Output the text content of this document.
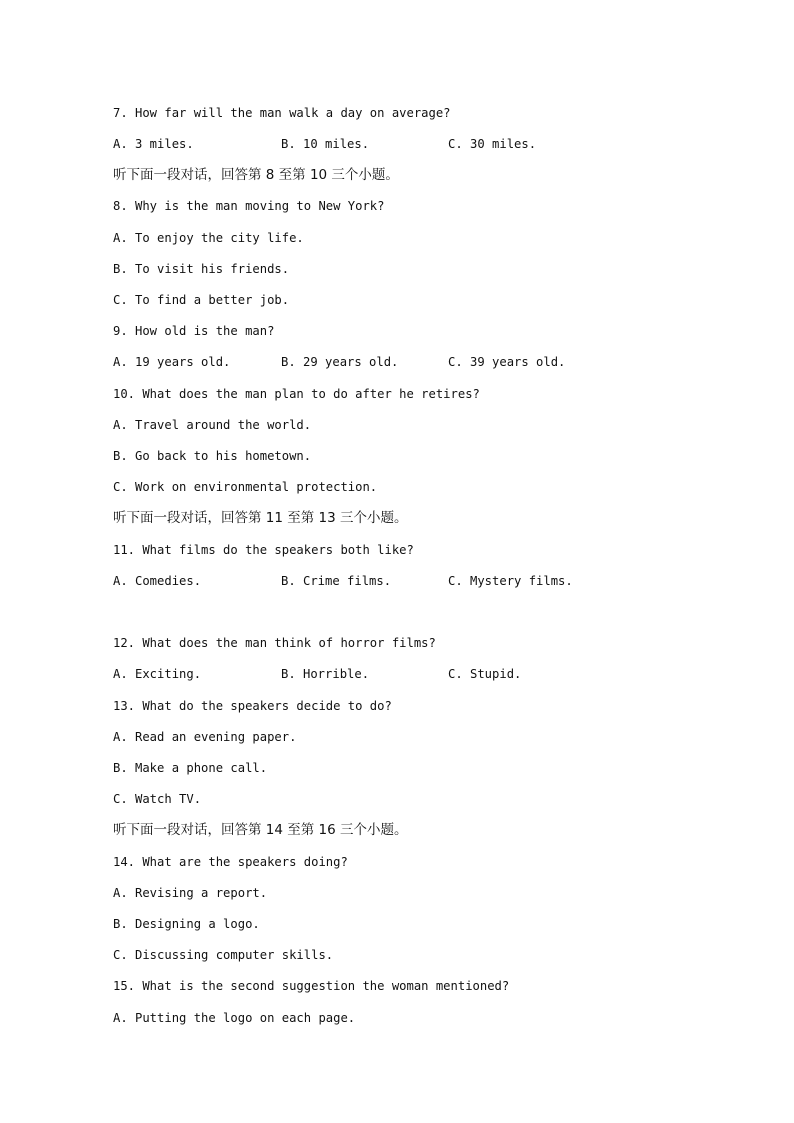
7. How far will the man walk a day on average?

A. 3 miles.

	B. 10 miles.

	C. 30 miles.

听下面一段对话，回答第 8 至第 10 三个小题。
8. Why is the man moving to New York?
A. To enjoy the city life.
B. To visit his friends.
C. To find a better job.
9. How old is the man?

A. 19 years old.

	B. 29 years old.

	C. 39 years old.

10. What does the man plan to do after he retires?
A. Travel around the world.
B. Go back to his hometown.
C. Work on environmental protection.
听下面一段对话，回答第 11 至第 13 三个小题。
11. What films do the speakers both like?

A. Comedies.

	B. Crime films.

	C. Mystery films.

12. What does the man think of horror films?

A. Exciting.

	B. Horrible.

	C. Stupid.

13. What do the speakers decide to do?
A. Read an evening paper.
B. Make a phone call.
C. Watch TV.
听下面一段对话，回答第 14 至第 16 三个小题。
14. What are the speakers doing?
A. Revising a report.
B. Designing a logo.
C. Discussing computer skills.
15. What is the second suggestion the woman mentioned?
A. Putting the logo on each page.
